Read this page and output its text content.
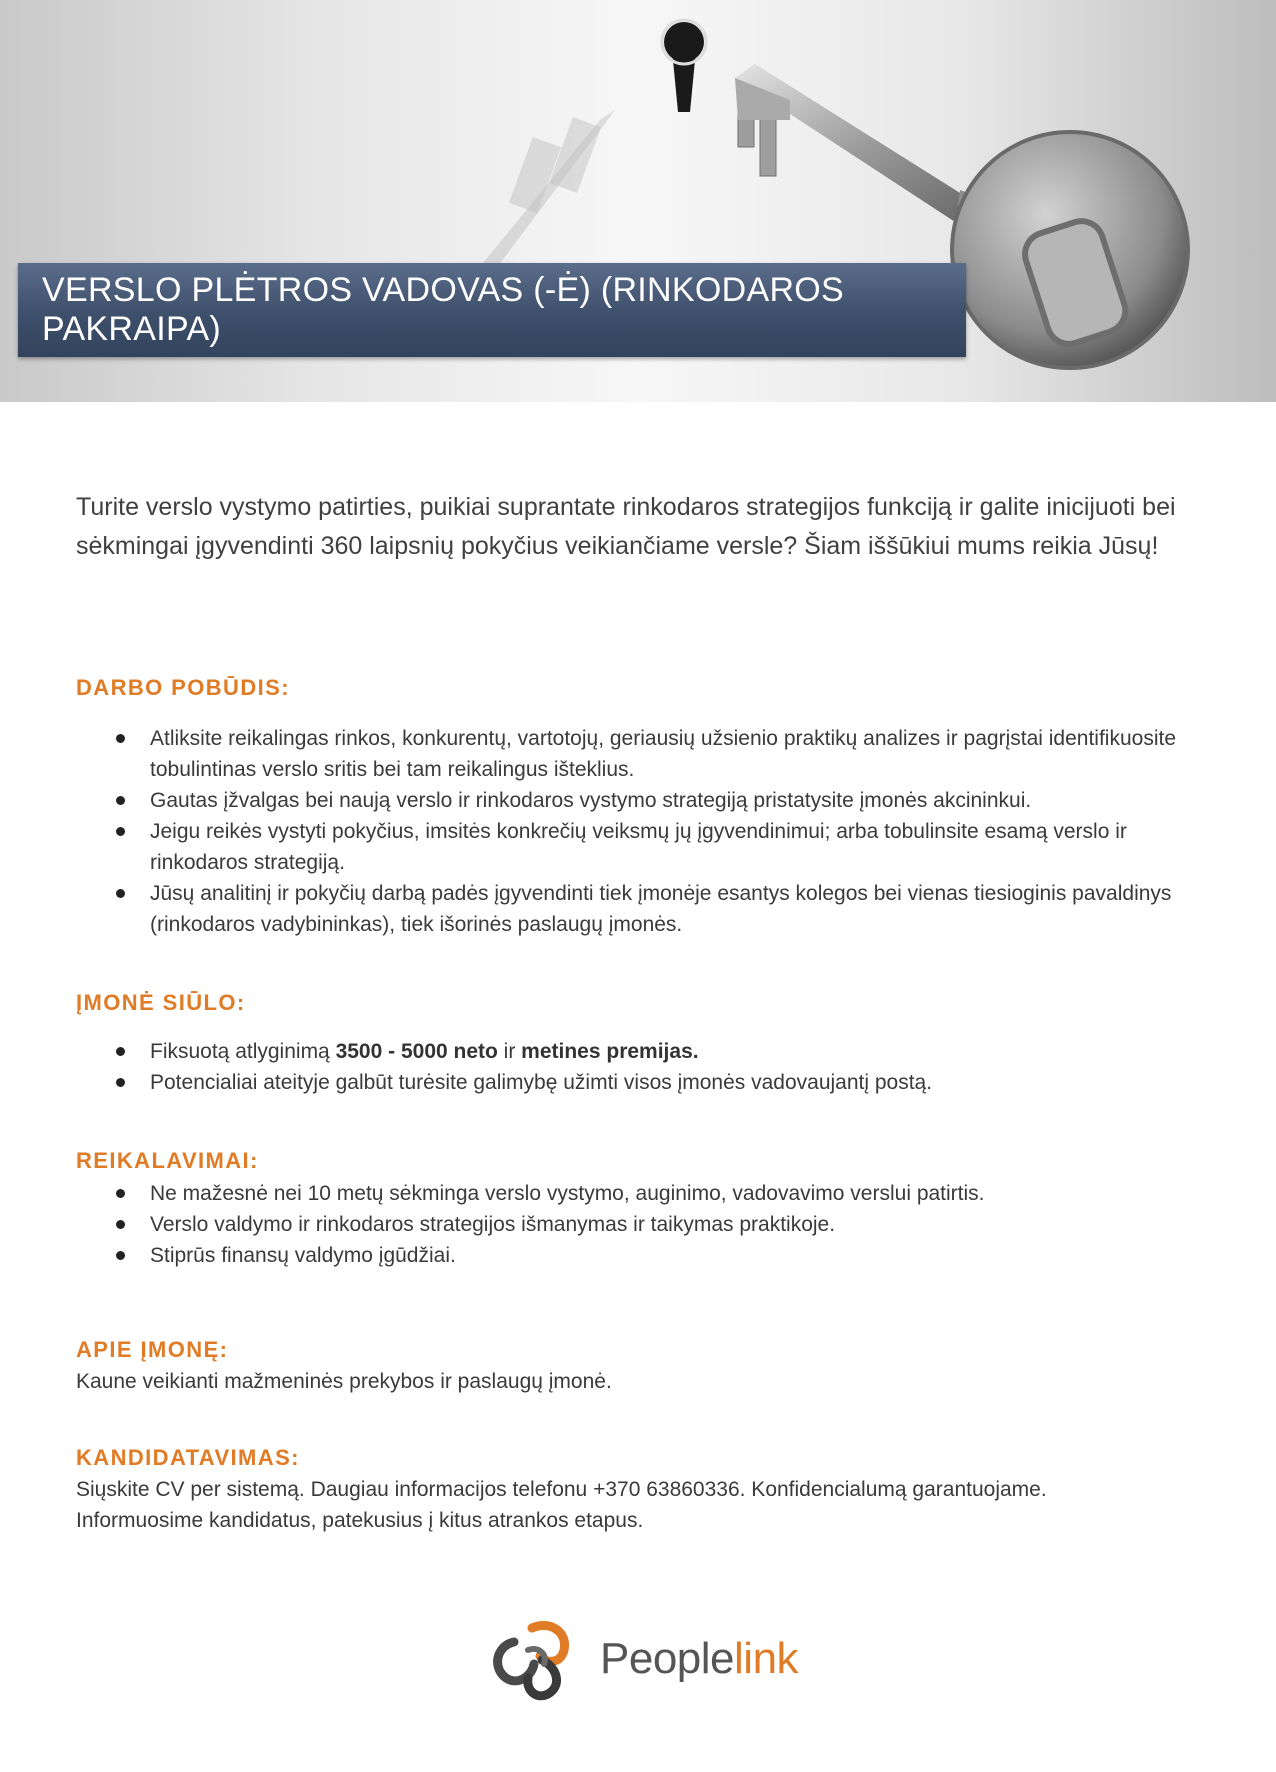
VERSLO PLĖTROS VADOVAS (-Ė) (RINKODAROS PAKRAIPA)

Turite verslo vystymo patirties, puikiai suprantate rinkodaros strategijos funkciją ir galite inicijuoti bei sėkmingai įgyvendinti 360 laipsnių pokyčius veikiančiame versle? Šiam iššūkiui mums reikia Jūsų!

DARBO POBŪDIS:
Atliksite reikalingas rinkos, konkurentų, vartotojų, geriausių užsienio praktikų analizes ir pagrįstai identifikuosite tobulintinas verslo sritis bei tam reikalingus išteklius.
Gautas įžvalgas bei naują verslo ir rinkodaros vystymo strategiją pristatysite įmonės akcininkui.
Jeigu reikės vystyti pokyčius, imsitės konkrečių veiksmų jų įgyvendinimui; arba tobulinsite esamą verslo ir rinkodaros strategiją.
Jūsų analitinį ir pokyčių darbą padės įgyvendinti tiek įmonėje esantys kolegos bei vienas tiesioginis pavaldinys (rinkodaros vadybininkas), tiek išorinės paslaugų įmonės.
ĮMONĖ SIŪLO:
Fiksuotą atlyginimą 3500 - 5000 neto ir metines premijas.
Potencialiai ateityje galbūt turėsite galimybę užimti visos įmonės vadovaujantį postą.
REIKALAVIMAI:
Ne mažesnė nei 10 metų sėkminga verslo vystymo, auginimo, vadovavimo verslui patirtis.
Verslo valdymo ir rinkodaros strategijos išmanymas ir taikymas praktikoje.
Stiprūs finansų valdymo įgūdžiai.
APIE ĮMONĘ:

Kaune veikianti mažmeninės prekybos ir paslaugų įmonė.

KANDIDATAVIMAS:

Siųskite CV per sistemą. Daugiau informacijos telefonu +370 63860336. Konfidencialumą garantuojame.

Informuosime kandidatus, patekusius į kitus atrankos etapus.

Peoplelink
